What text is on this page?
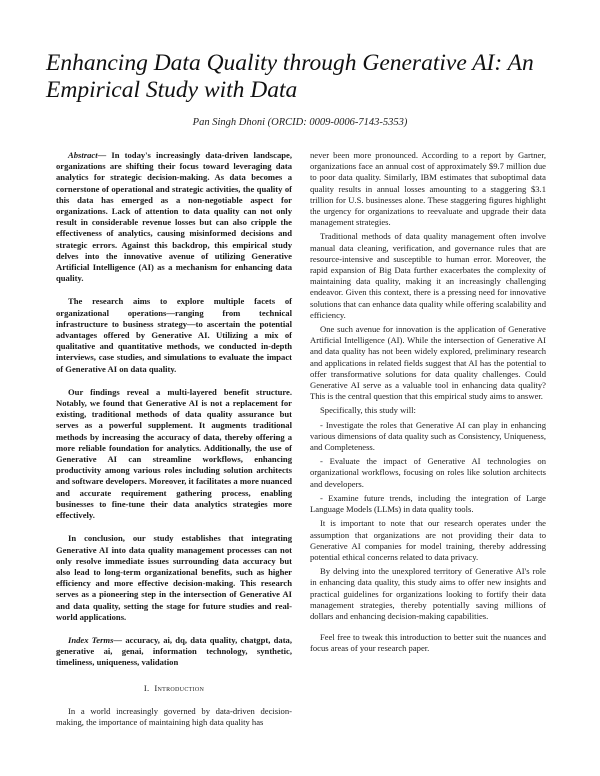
Enhancing Data Quality through Generative AI: An Empirical Study with Data
Pan Singh Dhoni (ORCID: 0009-0006-7143-5353)

Abstract— In today's increasingly data-driven landscape, organizations are shifting their focus toward leveraging data analytics for strategic decision-making. As data becomes a cornerstone of operational and strategic activities, the quality of this data has emerged as a non-negotiable aspect for organizations. Lack of attention to data quality can not only result in considerable revenue losses but can also cripple the effectiveness of analytics, causing misinformed decisions and strategic errors. Against this backdrop, this empirical study delves into the innovative avenue of utilizing Generative Artificial Intelligence (AI) as a mechanism for enhancing data quality.

The research aims to explore multiple facets of organizational operations—ranging from technical infrastructure to business strategy—to ascertain the potential advantages offered by Generative AI. Utilizing a mix of qualitative and quantitative methods, we conducted in-depth interviews, case studies, and simulations to evaluate the impact of Generative AI on data quality.

Our findings reveal a multi-layered benefit structure. Notably, we found that Generative AI is not a replacement for existing, traditional methods of data quality assurance but serves as a powerful supplement. It augments traditional methods by increasing the accuracy of data, thereby offering a more reliable foundation for analytics. Additionally, the use of Generative AI can streamline workflows, enhancing productivity among various roles including solution architects and software developers. Moreover, it facilitates a more nuanced and accurate requirement gathering process, enabling businesses to fine-tune their data analytics strategies more effectively.

In conclusion, our study establishes that integrating Generative AI into data quality management processes can not only resolve immediate issues surrounding data accuracy but also lead to long-term organizational benefits, such as higher efficiency and more effective decision-making. This research serves as a pioneering step in the intersection of Generative AI and data quality, setting the stage for future studies and real-world applications.

Index Terms— accuracy, ai, dq, data quality, chatgpt, data, generative ai, genai, information technology, synthetic, timeliness, uniqueness, validation

I. Introduction

In a world increasingly governed by data-driven decision-making, the importance of maintaining high data quality has

never been more pronounced. According to a report by Gartner, organizations face an annual cost of approximately $9.7 million due to poor data quality. Similarly, IBM estimates that suboptimal data quality results in annual losses amounting to a staggering $3.1 trillion for U.S. businesses alone. These staggering figures highlight the urgency for organizations to reevaluate and upgrade their data management strategies.

Traditional methods of data quality management often involve manual data cleaning, verification, and governance rules that are resource-intensive and susceptible to human error. Moreover, the rapid expansion of Big Data further exacerbates the complexity of maintaining data quality, making it an increasingly challenging endeavor. Given this context, there is a pressing need for innovative solutions that can enhance data quality while offering scalability and efficiency.

One such avenue for innovation is the application of Generative Artificial Intelligence (AI). While the intersection of Generative AI and data quality has not been widely explored, preliminary research and applications in related fields suggest that AI has the potential to offer transformative solutions for data quality challenges. Could Generative AI serve as a valuable tool in enhancing data quality? This is the central question that this empirical study aims to answer.

Specifically, this study will:

- Investigate the roles that Generative AI can play in enhancing various dimensions of data quality such as Consistency, Uniqueness, and Completeness.

- Evaluate the impact of Generative AI technologies on organizational workflows, focusing on roles like solution architects and developers.

- Examine future trends, including the integration of Large Language Models (LLMs) in data quality tools.

It is important to note that our research operates under the assumption that organizations are not providing their data to Generative AI companies for model training, thereby addressing potential ethical concerns related to data privacy.

By delving into the unexplored territory of Generative AI's role in enhancing data quality, this study aims to offer new insights and practical guidelines for organizations looking to fortify their data management strategies, thereby potentially saving millions of dollars and enhancing decision-making capabilities.

Feel free to tweak this introduction to better suit the nuances and focus areas of your research paper.
